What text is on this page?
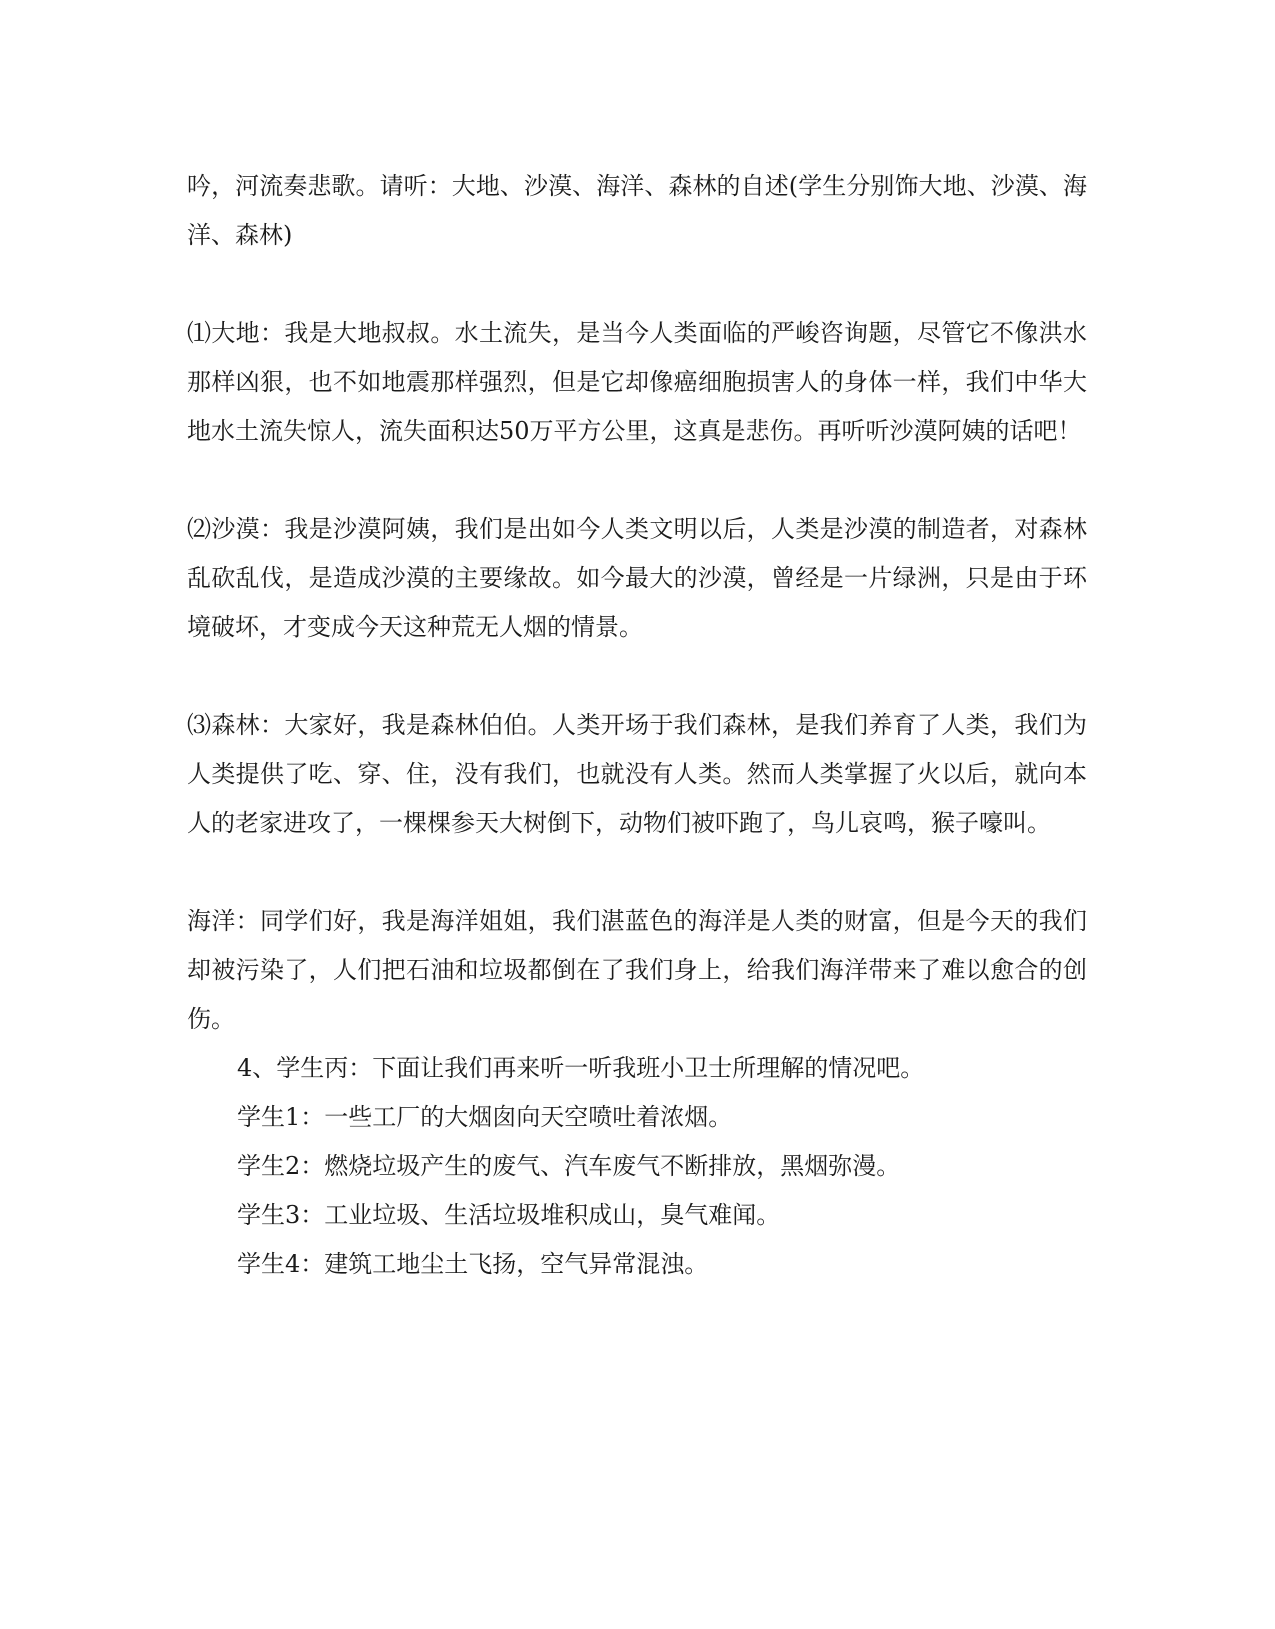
吟，河流奏悲歌。请听：大地、沙漠、海洋、森林的自述(学生分别饰大地、沙漠、海洋、森林)

⑴大地：我是大地叔叔。水土流失，是当今人类面临的严峻咨询题，尽管它不像洪水那样凶狠，也不如地震那样强烈，但是它却像癌细胞损害人的身体一样，我们中华大地水土流失惊人，流失面积达50万平方公里，这真是悲伤。再听听沙漠阿姨的话吧！

⑵沙漠：我是沙漠阿姨，我们是出如今人类文明以后，人类是沙漠的制造者，对森林乱砍乱伐，是造成沙漠的主要缘故。如今最大的沙漠，曾经是一片绿洲，只是由于环境破坏，才变成今天这种荒无人烟的情景。

⑶森林：大家好，我是森林伯伯。人类开场于我们森林，是我们养育了人类，我们为人类提供了吃、穿、住，没有我们，也就没有人类。然而人类掌握了火以后，就向本人的老家进攻了，一棵棵参天大树倒下，动物们被吓跑了，鸟儿哀鸣，猴子嚎叫。

海洋：同学们好，我是海洋姐姐，我们湛蓝色的海洋是人类的财富，但是今天的我们却被污染了，人们把石油和垃圾都倒在了我们身上，给我们海洋带来了难以愈合的创伤。

4、学生丙：下面让我们再来听一听我班小卫士所理解的情况吧。

学生1：一些工厂的大烟囱向天空喷吐着浓烟。

学生2：燃烧垃圾产生的废气、汽车废气不断排放，黑烟弥漫。

学生3：工业垃圾、生活垃圾堆积成山，臭气难闻。

学生4：建筑工地尘土飞扬，空气异常混浊。
